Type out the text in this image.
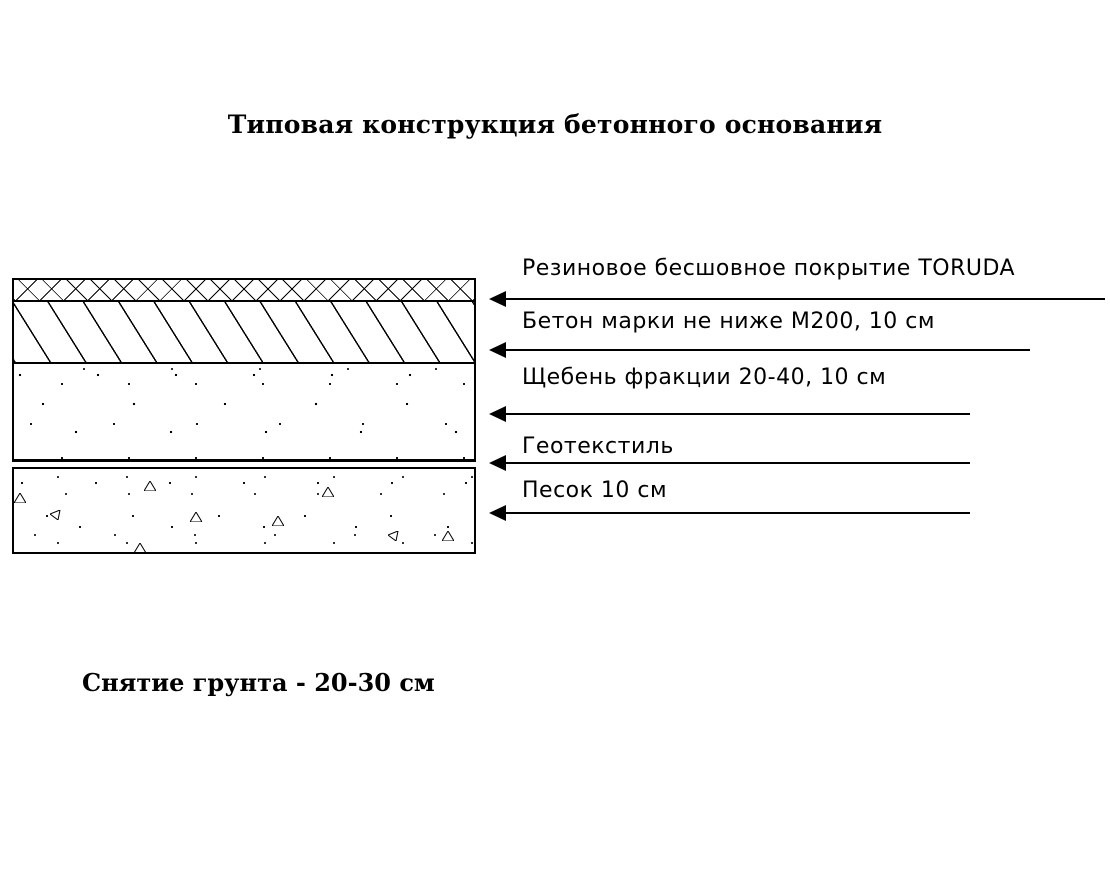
Типовая конструкция бетонного основания
Резиновое бесшовное покрытие TORUDA
Бетон марки не ниже М200, 10 см
Щебень фракции 20-40, 10 см
Геотекстиль
Песок 10 см
Снятие грунта - 20-30 см
